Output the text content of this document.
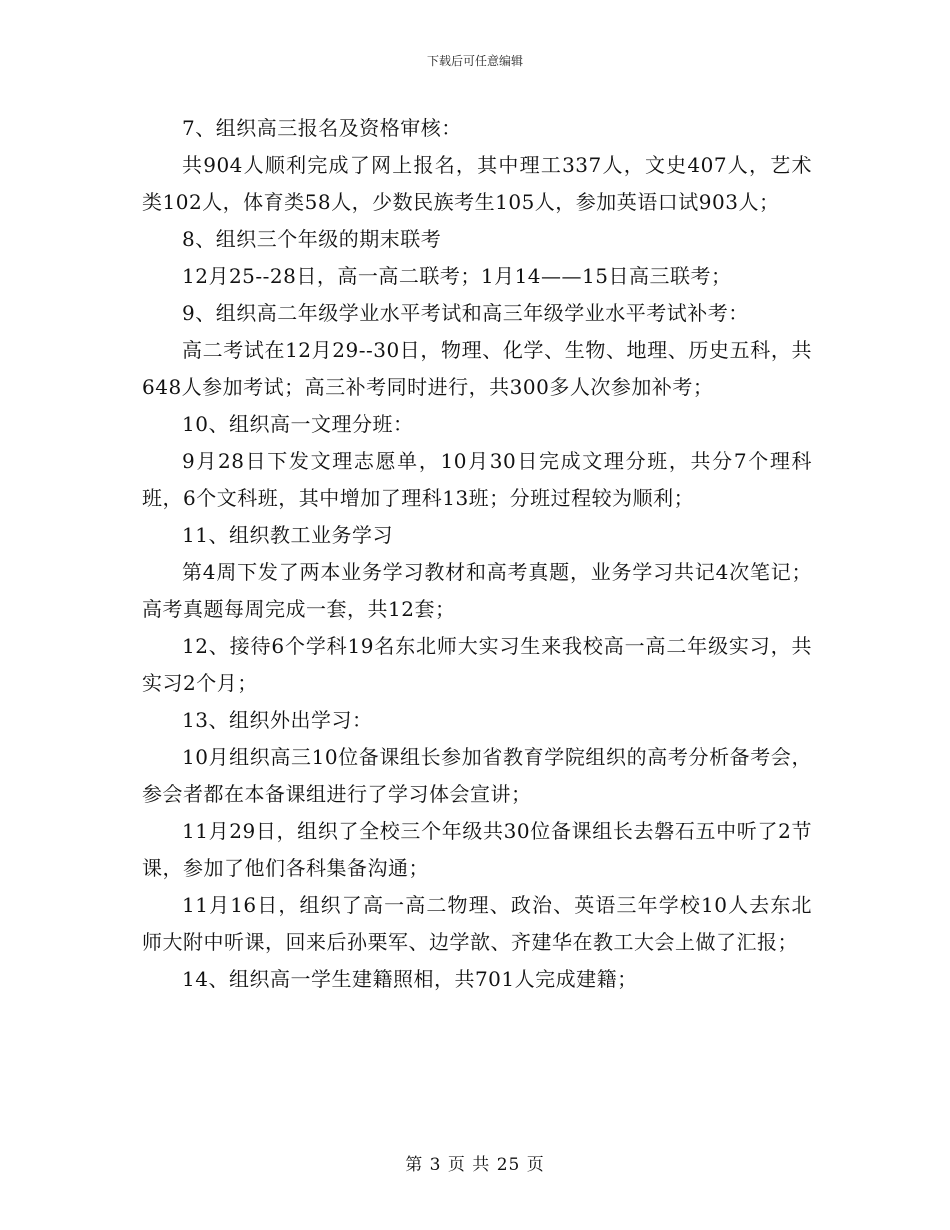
下载后可任意编辑

7、组织高三报名及资格审核：

共904人顺利完成了网上报名，其中理工337人，文史407人，艺术类102人，体育类58人，少数民族考生105人，参加英语口试903人；

8、组织三个年级的期末联考

12月25--28日，高一高二联考；1月14——15日高三联考；

9、组织高二年级学业水平考试和高三年级学业水平考试补考：

高二考试在12月29--30日，物理、化学、生物、地理、历史五科，共648人参加考试；高三补考同时进行，共300多人次参加补考；

10、组织高一文理分班：

9月28日下发文理志愿单，10月30日完成文理分班，共分7个理科班，6个文科班，其中增加了理科13班；分班过程较为顺利；

11、组织教工业务学习

第4周下发了两本业务学习教材和高考真题，业务学习共记4次笔记；高考真题每周完成一套，共12套；

12、接待6个学科19名东北师大实习生来我校高一高二年级实习，共实习2个月；

13、组织外出学习：

10月组织高三10位备课组长参加省教育学院组织的高考分析备考会，参会者都在本备课组进行了学习体会宣讲；

11月29日，组织了全校三个年级共30位备课组长去磐石五中听了2节课，参加了他们各科集备沟通；

11月16日，组织了高一高二物理、政治、英语三年学校10人去东北师大附中听课，回来后孙栗军、边学歆、齐建华在教工大会上做了汇报；

14、组织高一学生建籍照相，共701人完成建籍；

第 3 页 共 25 页
